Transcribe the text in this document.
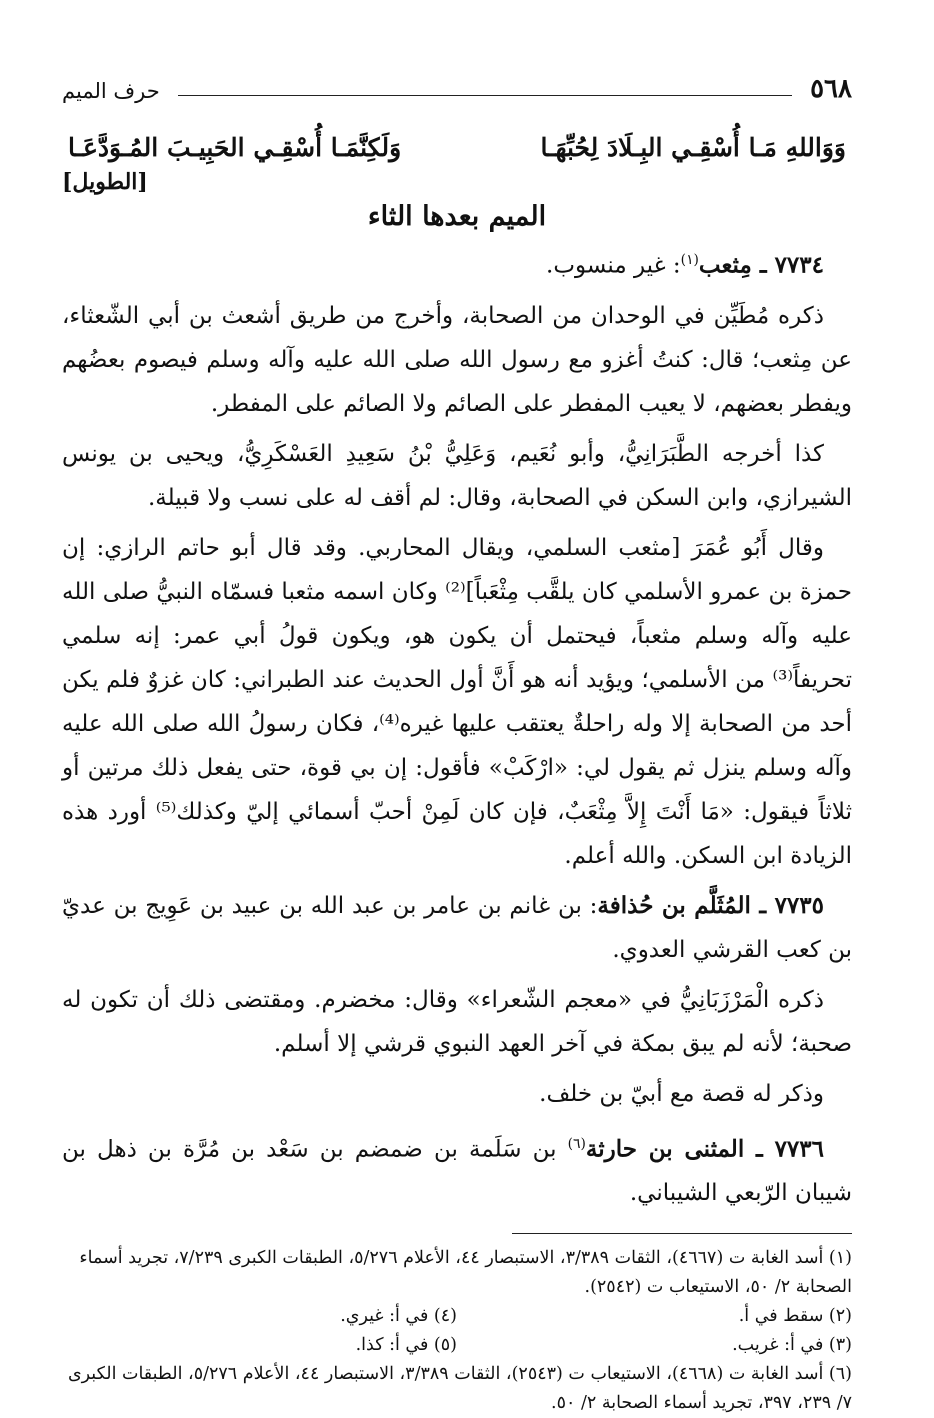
٥٦٨
حرف الميم
وَوَاللهِ مَـا أُسْقِـي البِـلَادَ لِحُبِّهَـا
وَلَكِنَّمَـا أُسْقِـي الحَبِيـبَ المُـوَدَّعَـا
[الطويل]
الميم بعدها الثاء

٧٧٣٤ ـ مِثعب$^{(١)}$: غير منسوب.

ذكره مُطَيِّن في الوحدان من الصحابة، وأخرج من طريق أشعث بن أبي الشّعثاء، عن مِثعب؛ قال: كنتُ أغزو مع رسول الله صلى الله عليه وآله وسلم فيصوم بعضُهم ويفطر بعضهم، لا يعيب المفطر على الصائم ولا الصائم على المفطر.

كذا أخرجه الطَّبَرَانِيُّ، وأبو نُعَيم، وَعَلِيُّ بْنُ سَعِيدِ العَسْكَرِيُّ، ويحيى بن يونس الشيرازي، وابن السكن في الصحابة، وقال: لم أقف له على نسب ولا قبيلة.

وقال أَبُو عُمَرَ [مثعب السلمي، ويقال المحاربي. وقد قال أبو حاتم الرازي: إن حمزة بن عمرو الأسلمي كان يلقَّب مِثْعَباً]⁽²⁾ وكان اسمه مثعبا فسمّاه النبيُّ صلى الله عليه وآله وسلم مثعباً، فيحتمل أن يكون هو، ويكون قولُ أبي عمر: إنه سلمي تحريفاً⁽³⁾ من الأسلمي؛ ويؤيد أنه هو أَنَّ أول الحديث عند الطبراني: كان غزوٌ فلم يكن أحد من الصحابة إلا وله راحلةٌ يعتقب عليها غيره⁽⁴⁾، فكان رسولُ الله صلى الله عليه وآله وسلم ينزل ثم يقول لي: «ارْكَبْ» فأقول: إن بي قوة، حتى يفعل ذلك مرتين أو ثلاثاً فيقول: «مَا أَنْتَ إِلاَّ مِثْعَبٌ، فإن كان لَمِنْ أحبّ أسمائي إليّ وكذلك⁽⁵⁾ أورد هذه الزيادة ابن السكن. والله أعلم.

٧٧٣٥ ـ المُثَلَّم بن حُذافة: بن غانم بن عامر بن عبد الله بن عبيد بن عَوِيج بن عديّ بن كعب القرشي العدوي.

ذكره الْمَرْزَبَانِيُّ في «معجم الشّعراء» وقال: مخضرم. ومقتضى ذلك أن تكون له صحبة؛ لأنه لم يبق بمكة في آخر العهد النبوي قرشي إلا أسلم.

وذكر له قصة مع أبيّ بن خلف.

٧٧٣٦ ـ المثنى بن حارثة$^{(٦)}$ بن سَلَمة بن ضمضم بن سَعْد بن مُرَّة بن ذهل بن شيبان الرّبعي الشيباني.

(١) أسد الغابة ت (٤٦٦٧)، الثقات ٣/٣٨٩، الاستبصار ٤٤، الأعلام ٥/٢٧٦، الطبقات الكبرى ٧/٢٣٩، تجريد أسماء الصحابة ٢/ ٥٠، الاستيعاب ت (٢٥٤٢).

(٢) سقط في أ.

(٤) في أ: غيري.

(٣) في أ: غريب.

(٥) في أ: كذا.

(٦) أسد الغابة ت (٤٦٦٨)، الاستيعاب ت (٢٥٤٣)، الثقات ٣/٣٨٩، الاستبصار ٤٤، الأعلام ٥/٢٧٦، الطبقات الكبرى ٧/ ٢٣٩، ٣٩٧، تجريد أسماء الصحابة ٢/ ٥٠.
